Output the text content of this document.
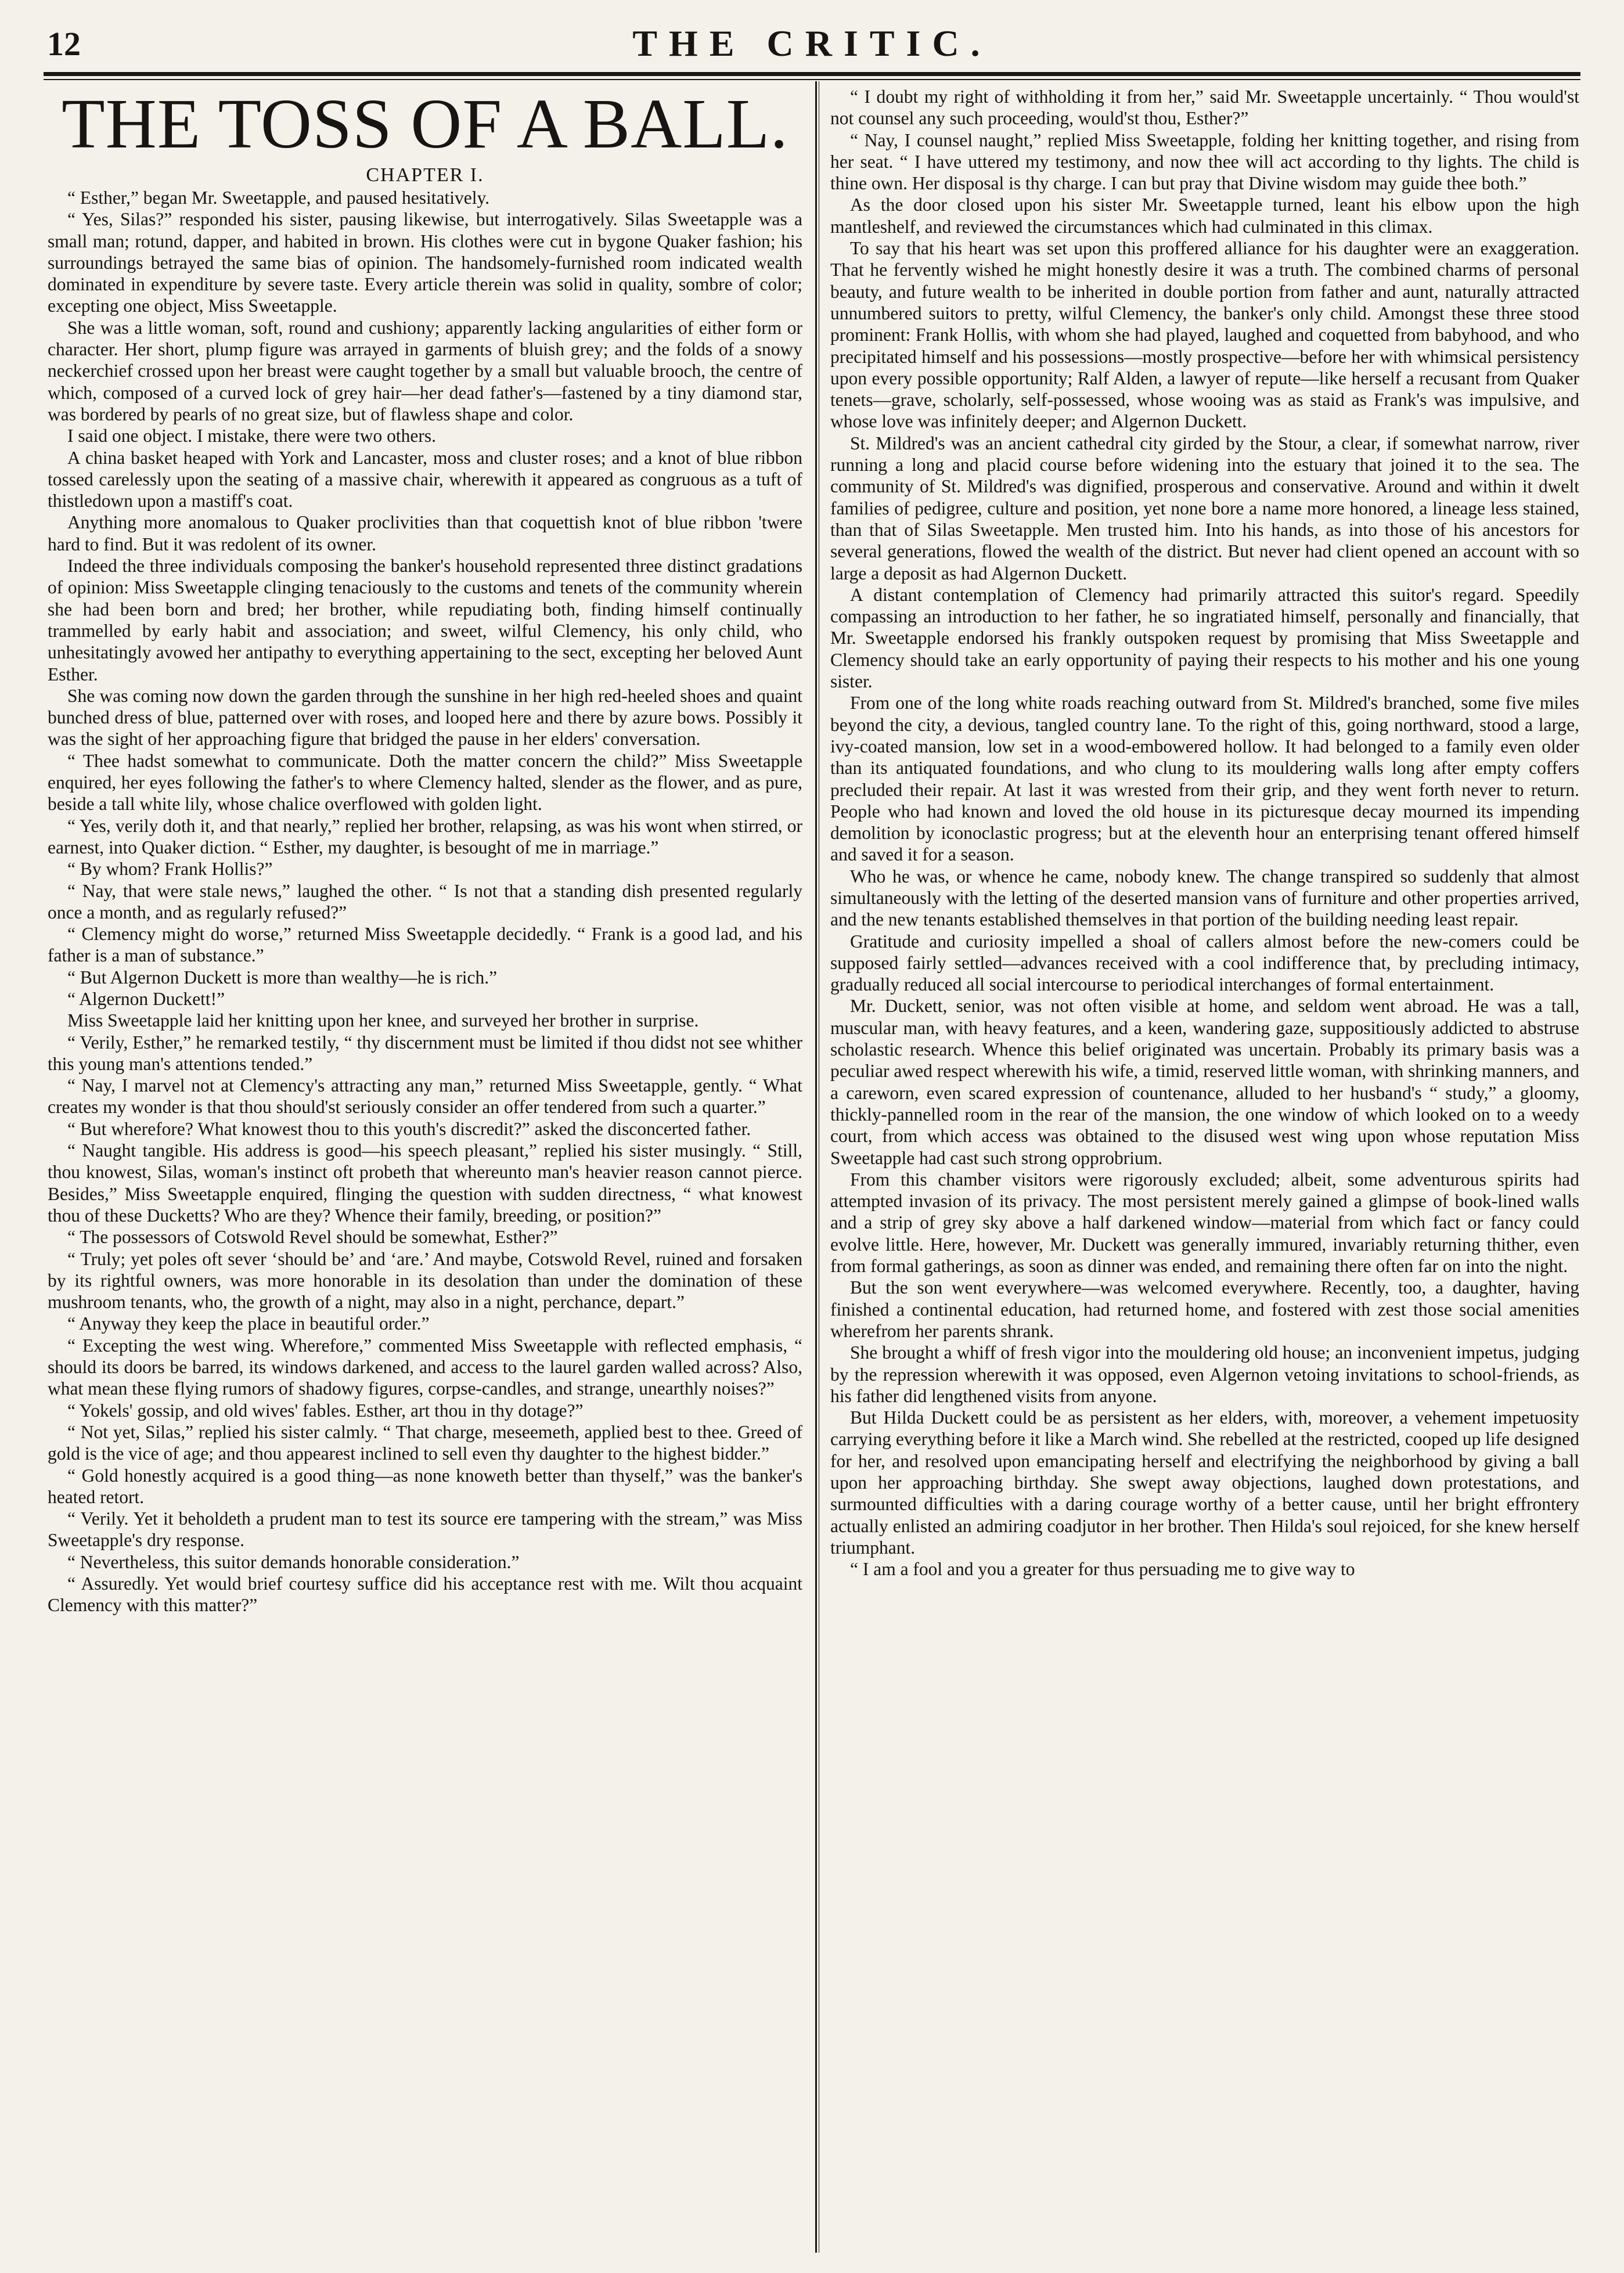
12	THE CRITIC.
THE TOSS OF A BALL.
CHAPTER I.

“ Esther,” began Mr. Sweetapple, and paused hesitatively.

“ Yes, Silas?” responded his sister, pausing likewise, but interrogatively. Silas Sweetapple was a small man; rotund, dapper, and habited in brown. His clothes were cut in bygone Quaker fashion; his surroundings betrayed the same bias of opinion. The handsomely-furnished room indicated wealth dominated in expenditure by severe taste. Every article therein was solid in quality, sombre of color; excepting one object, Miss Sweetapple.

She was a little woman, soft, round and cushiony; apparently lacking angularities of either form or character. Her short, plump figure was arrayed in garments of bluish grey; and the folds of a snowy neckerchief crossed upon her breast were caught together by a small but valuable brooch, the centre of which, composed of a curved lock of grey hair—her dead father's—fastened by a tiny diamond star, was bordered by pearls of no great size, but of flawless shape and color.

I said one object. I mistake, there were two others.

A china basket heaped with York and Lancaster, moss and cluster roses; and a knot of blue ribbon tossed carelessly upon the seating of a massive chair, wherewith it appeared as congruous as a tuft of thistledown upon a mastiff's coat.

Anything more anomalous to Quaker proclivities than that coquettish knot of blue ribbon 'twere hard to find. But it was redolent of its owner.

Indeed the three individuals composing the banker's household represented three distinct gradations of opinion: Miss Sweetapple clinging tenaciously to the customs and tenets of the community wherein she had been born and bred; her brother, while repudiating both, finding himself continually trammelled by early habit and association; and sweet, wilful Clemency, his only child, who unhesitatingly avowed her antipathy to everything appertaining to the sect, excepting her beloved Aunt Esther.

She was coming now down the garden through the sunshine in her high red-heeled shoes and quaint bunched dress of blue, patterned over with roses, and looped here and there by azure bows. Possibly it was the sight of her approaching figure that bridged the pause in her elders' conversation.

“ Thee hadst somewhat to communicate. Doth the matter concern the child?” Miss Sweetapple enquired, her eyes following the father's to where Clemency halted, slender as the flower, and as pure, beside a tall white lily, whose chalice overflowed with golden light.

“ Yes, verily doth it, and that nearly,” replied her brother, relapsing, as was his wont when stirred, or earnest, into Quaker diction. “ Esther, my daughter, is besought of me in marriage.”

“ By whom? Frank Hollis?”

“ Nay, that were stale news,” laughed the other. “ Is not that a standing dish presented regularly once a month, and as regularly refused?”

“ Clemency might do worse,” returned Miss Sweetapple decidedly. “ Frank is a good lad, and his father is a man of substance.”

“ But Algernon Duckett is more than wealthy—he is rich.”

“ Algernon Duckett!”

Miss Sweetapple laid her knitting upon her knee, and surveyed her brother in surprise.

“ Verily, Esther,” he remarked testily, “ thy discernment must be limited if thou didst not see whither this young man's attentions tended.”

“ Nay, I marvel not at Clemency's attracting any man,” returned Miss Sweetapple, gently. “ What creates my wonder is that thou should'st seriously consider an offer tendered from such a quarter.”

“ But wherefore? What knowest thou to this youth's discredit?” asked the disconcerted father.

“ Naught tangible. His address is good—his speech pleasant,” replied his sister musingly. “ Still, thou knowest, Silas, woman's instinct oft probeth that whereunto man's heavier reason cannot pierce. Besides,” Miss Sweetapple enquired, flinging the question with sudden directness, “ what knowest thou of these Ducketts? Who are they? Whence their family, breeding, or position?”

“ The possessors of Cotswold Revel should be somewhat, Esther?”

“ Truly; yet poles oft sever ‘should be’ and ‘are.’ And maybe, Cotswold Revel, ruined and forsaken by its rightful owners, was more honorable in its desolation than under the domination of these mushroom tenants, who, the growth of a night, may also in a night, perchance, depart.”

“ Anyway they keep the place in beautiful order.”

“ Excepting the west wing. Wherefore,” commented Miss Sweetapple with reflected emphasis, “ should its doors be barred, its windows darkened, and access to the laurel garden walled across? Also, what mean these flying rumors of shadowy figures, corpse-candles, and strange, unearthly noises?”

“ Yokels' gossip, and old wives' fables. Esther, art thou in thy dotage?”

“ Not yet, Silas,” replied his sister calmly. “ That charge, meseemeth, applied best to thee. Greed of gold is the vice of age; and thou appearest inclined to sell even thy daughter to the highest bidder.”

“ Gold honestly acquired is a good thing—as none knoweth better than thyself,” was the banker's heated retort.

“ Verily. Yet it beholdeth a prudent man to test its source ere tampering with the stream,” was Miss Sweetapple's dry response.

“ Nevertheless, this suitor demands honorable consideration.”

“ Assuredly. Yet would brief courtesy suffice did his acceptance rest with me. Wilt thou acquaint Clemency with this matter?”

“ I doubt my right of withholding it from her,” said Mr. Sweetapple uncertainly. “ Thou would'st not counsel any such proceeding, would'st thou, Esther?”

“ Nay, I counsel naught,” replied Miss Sweetapple, folding her knitting together, and rising from her seat. “ I have uttered my testimony, and now thee will act according to thy lights. The child is thine own. Her disposal is thy charge. I can but pray that Divine wisdom may guide thee both.”

As the door closed upon his sister Mr. Sweetapple turned, leant his elbow upon the high mantleshelf, and reviewed the circumstances which had culminated in this climax.

To say that his heart was set upon this proffered alliance for his daughter were an exaggeration. That he fervently wished he might honestly desire it was a truth. The combined charms of personal beauty, and future wealth to be inherited in double portion from father and aunt, naturally attracted unnumbered suitors to pretty, wilful Clemency, the banker's only child. Amongst these three stood prominent: Frank Hollis, with whom she had played, laughed and coquetted from babyhood, and who precipitated himself and his possessions—mostly prospective—before her with whimsical persistency upon every possible opportunity; Ralf Alden, a lawyer of repute—like herself a recusant from Quaker tenets—grave, scholarly, self-possessed, whose wooing was as staid as Frank's was impulsive, and whose love was infinitely deeper; and Algernon Duckett.

St. Mildred's was an ancient cathedral city girded by the Stour, a clear, if somewhat narrow, river running a long and placid course before widening into the estuary that joined it to the sea. The community of St. Mildred's was dignified, prosperous and conservative. Around and within it dwelt families of pedigree, culture and position, yet none bore a name more honored, a lineage less stained, than that of Silas Sweetapple. Men trusted him. Into his hands, as into those of his ancestors for several generations, flowed the wealth of the district. But never had client opened an account with so large a deposit as had Algernon Duckett.

A distant contemplation of Clemency had primarily attracted this suitor's regard. Speedily compassing an introduction to her father, he so ingratiated himself, personally and financially, that Mr. Sweetapple endorsed his frankly outspoken request by promising that Miss Sweetapple and Clemency should take an early opportunity of paying their respects to his mother and his one young sister.

From one of the long white roads reaching outward from St. Mildred's branched, some five miles beyond the city, a devious, tangled country lane. To the right of this, going northward, stood a large, ivy-coated mansion, low set in a wood-embowered hollow. It had belonged to a family even older than its antiquated foundations, and who clung to its mouldering walls long after empty coffers precluded their repair. At last it was wrested from their grip, and they went forth never to return. People who had known and loved the old house in its picturesque decay mourned its impending demolition by iconoclastic progress; but at the eleventh hour an enterprising tenant offered himself and saved it for a season.

Who he was, or whence he came, nobody knew. The change transpired so suddenly that almost simultaneously with the letting of the deserted mansion vans of furniture and other properties arrived, and the new tenants established themselves in that portion of the building needing least repair.

Gratitude and curiosity impelled a shoal of callers almost before the new-comers could be supposed fairly settled—advances received with a cool indifference that, by precluding intimacy, gradually reduced all social intercourse to periodical interchanges of formal entertainment.

Mr. Duckett, senior, was not often visible at home, and seldom went abroad. He was a tall, muscular man, with heavy features, and a keen, wandering gaze, suppositiously addicted to abstruse scholastic research. Whence this belief originated was uncertain. Probably its primary basis was a peculiar awed respect wherewith his wife, a timid, reserved little woman, with shrinking manners, and a careworn, even scared expression of countenance, alluded to her husband's “ study,” a gloomy, thickly-pannelled room in the rear of the mansion, the one window of which looked on to a weedy court, from which access was obtained to the disused west wing upon whose reputation Miss Sweetapple had cast such strong opprobrium.

From this chamber visitors were rigorously excluded; albeit, some adventurous spirits had attempted invasion of its privacy. The most persistent merely gained a glimpse of book-lined walls and a strip of grey sky above a half darkened window—material from which fact or fancy could evolve little. Here, however, Mr. Duckett was generally immured, invariably returning thither, even from formal gatherings, as soon as dinner was ended, and remaining there often far on into the night.

But the son went everywhere—was welcomed everywhere. Recently, too, a daughter, having finished a continental education, had returned home, and fostered with zest those social amenities wherefrom her parents shrank.

She brought a whiff of fresh vigor into the mouldering old house; an inconvenient impetus, judging by the repression wherewith it was opposed, even Algernon vetoing invitations to school-friends, as his father did lengthened visits from anyone.

But Hilda Duckett could be as persistent as her elders, with, moreover, a vehement impetuosity carrying everything before it like a March wind. She rebelled at the restricted, cooped up life designed for her, and resolved upon emancipating herself and electrifying the neighborhood by giving a ball upon her approaching birthday. She swept away objections, laughed down protestations, and surmounted difficulties with a daring courage worthy of a better cause, until her bright effrontery actually enlisted an admiring coadjutor in her brother. Then Hilda's soul rejoiced, for she knew herself triumphant.

“ I am a fool and you a greater for thus persuading me to give way to
